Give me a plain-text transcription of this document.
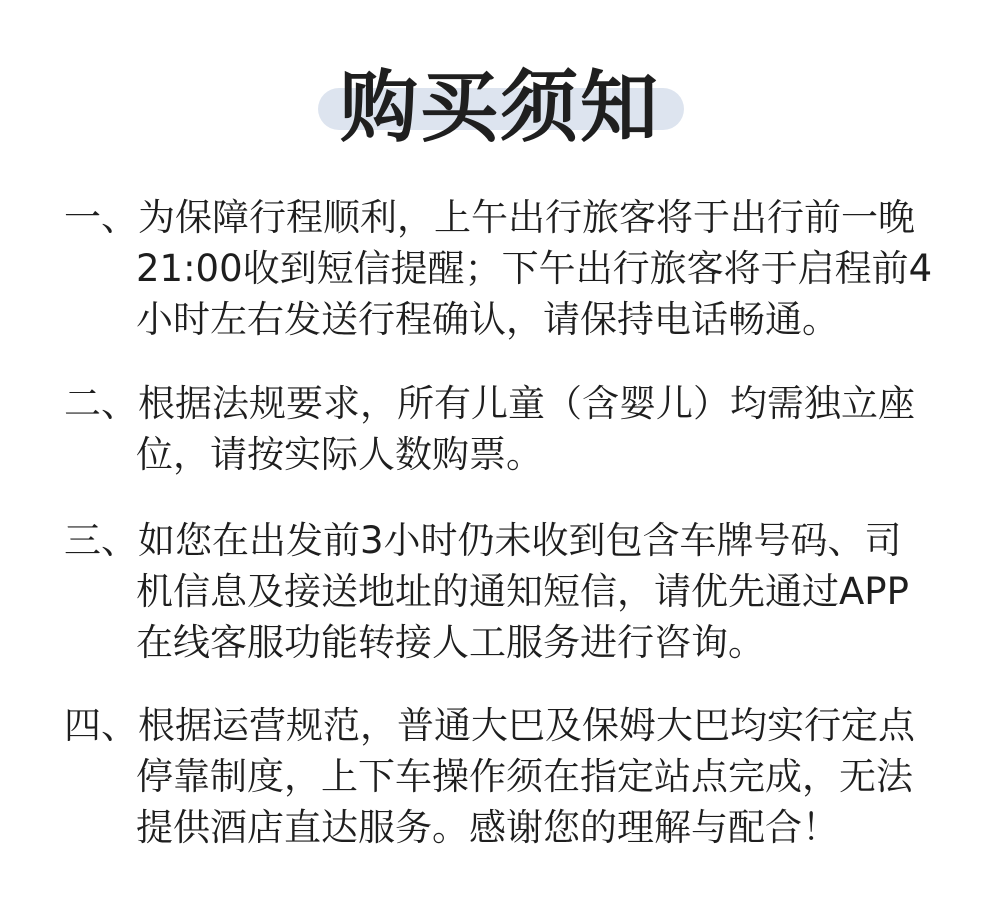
购买须知
一、为保障行程顺利，上午出行旅客将于出行前一晚
21:00收到短信提醒；下午出行旅客将于启程前4
小时左右发送行程确认，请保持电话畅通。
二、根据法规要求，所有儿童（含婴儿）均需独立座
位，请按实际人数购票。
三、如您在出发前3小时仍未收到包含车牌号码、司
机信息及接送地址的通知短信，请优先通过APP
在线客服功能转接人工服务进行咨询。
四、根据运营规范，普通大巴及保姆大巴均实行定点
停靠制度，上下车操作须在指定站点完成，无法
提供酒店直达服务。感谢您的理解与配合！
